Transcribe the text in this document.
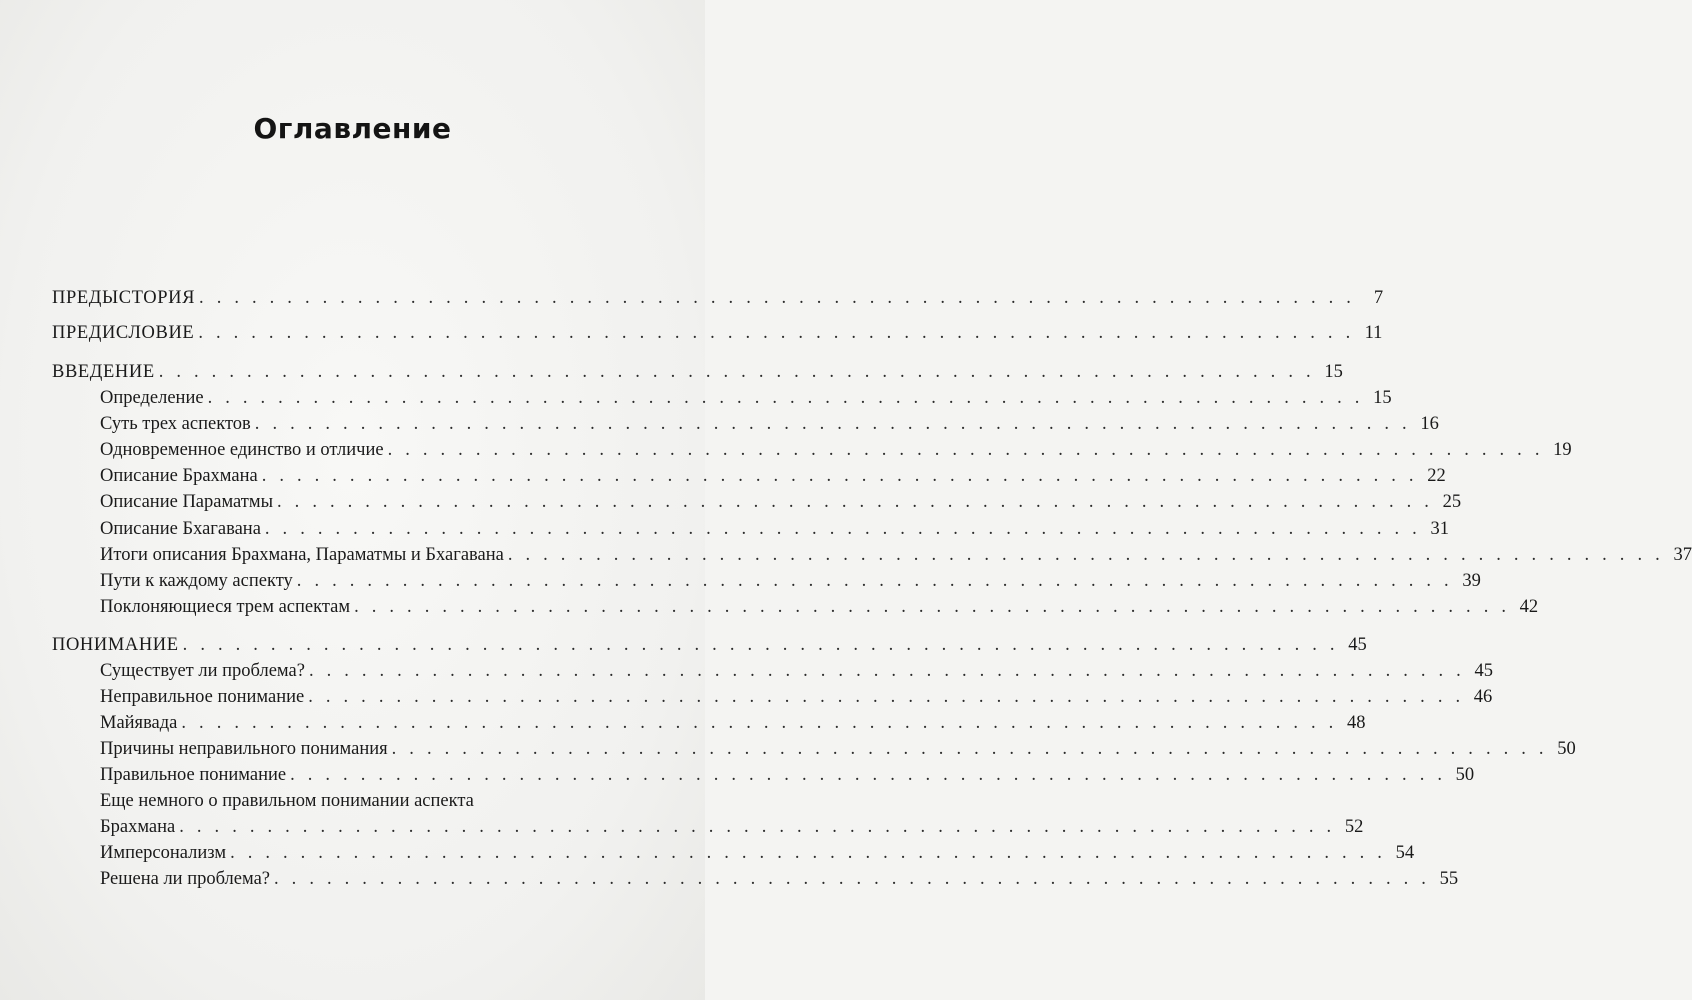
Оглавление
ПРЕДЫСТОРИЯ . . . . . . . . . . . . . . . . . . . . . . . . . . . . . . . . . . . . . . . . . . . . . . . . . . . . . . . . . . . . . . . . . .	7
ПРЕДИСЛОВИЕ . . . . . . . . . . . . . . . . . . . . . . . . . . . . . . . . . . . . . . . . . . . . . . . . . . . . . . . . . . . . . . . . . . 11
ВВЕДЕНИЕ . . . . . . . . . . . . . . . . . . . . . . . . . . . . . . . . . . . . . . . . . . . . . . . . . . . . . . . . . . . . . . . . . . 15
Определение . . . . . . . . . . . . . . . . . . . . . . . . . . . . . . . . . . . . . . . . . . . . . . . . . . . . . . . . . . . . . . . . . . 15
Суть трех аспектов . . . . . . . . . . . . . . . . . . . . . . . . . . . . . . . . . . . . . . . . . . . . . . . . . . . . . . . . . . . . . . . . . . 16
Одновременное единство и отличие . . . . . . . . . . . . . . . . . . . . . . . . . . . . . . . . . . . . . . . . . . . . . . . . . . . . . . . . . . . . . . . . . . 19
Описание Брахмана . . . . . . . . . . . . . . . . . . . . . . . . . . . . . . . . . . . . . . . . . . . . . . . . . . . . . . . . . . . . . . . . . . 22
Описание Параматмы . . . . . . . . . . . . . . . . . . . . . . . . . . . . . . . . . . . . . . . . . . . . . . . . . . . . . . . . . . . . . . . . . . 25
Описание Бхагавана . . . . . . . . . . . . . . . . . . . . . . . . . . . . . . . . . . . . . . . . . . . . . . . . . . . . . . . . . . . . . . . . . . 31
Итоги описания Брахмана, Параматмы и Бхагавана . . . . . . . . . . . . . . . . . . . . . . . . . . . . . . . . . . . . . . . . . . . . . . . . . . . . . . . . . . . . . . . . . . 37
Пути к каждому аспекту . . . . . . . . . . . . . . . . . . . . . . . . . . . . . . . . . . . . . . . . . . . . . . . . . . . . . . . . . . . . . . . . . . 39
Поклоняющиеся трем аспектам . . . . . . . . . . . . . . . . . . . . . . . . . . . . . . . . . . . . . . . . . . . . . . . . . . . . . . . . . . . . . . . . . . 42
ПОНИМАНИЕ . . . . . . . . . . . . . . . . . . . . . . . . . . . . . . . . . . . . . . . . . . . . . . . . . . . . . . . . . . . . . . . . . . 45
Существует ли проблема? . . . . . . . . . . . . . . . . . . . . . . . . . . . . . . . . . . . . . . . . . . . . . . . . . . . . . . . . . . . . . . . . . . 45
Неправильное понимание . . . . . . . . . . . . . . . . . . . . . . . . . . . . . . . . . . . . . . . . . . . . . . . . . . . . . . . . . . . . . . . . . . 46
Майявада . . . . . . . . . . . . . . . . . . . . . . . . . . . . . . . . . . . . . . . . . . . . . . . . . . . . . . . . . . . . . . . . . . 48
Причины неправильного понимания . . . . . . . . . . . . . . . . . . . . . . . . . . . . . . . . . . . . . . . . . . . . . . . . . . . . . . . . . . . . . . . . . . 50
Правильное понимание . . . . . . . . . . . . . . . . . . . . . . . . . . . . . . . . . . . . . . . . . . . . . . . . . . . . . . . . . . . . . . . . . . 50
Еще немного о правильном понимании аспекта
Брахмана . . . . . . . . . . . . . . . . . . . . . . . . . . . . . . . . . . . . . . . . . . . . . . . . . . . . . . . . . . . . . . . . . . 52
Имперсонализм . . . . . . . . . . . . . . . . . . . . . . . . . . . . . . . . . . . . . . . . . . . . . . . . . . . . . . . . . . . . . . . . . . 54
Решена ли проблема? . . . . . . . . . . . . . . . . . . . . . . . . . . . . . . . . . . . . . . . . . . . . . . . . . . . . . . . . . . . . . . . . . . 55
